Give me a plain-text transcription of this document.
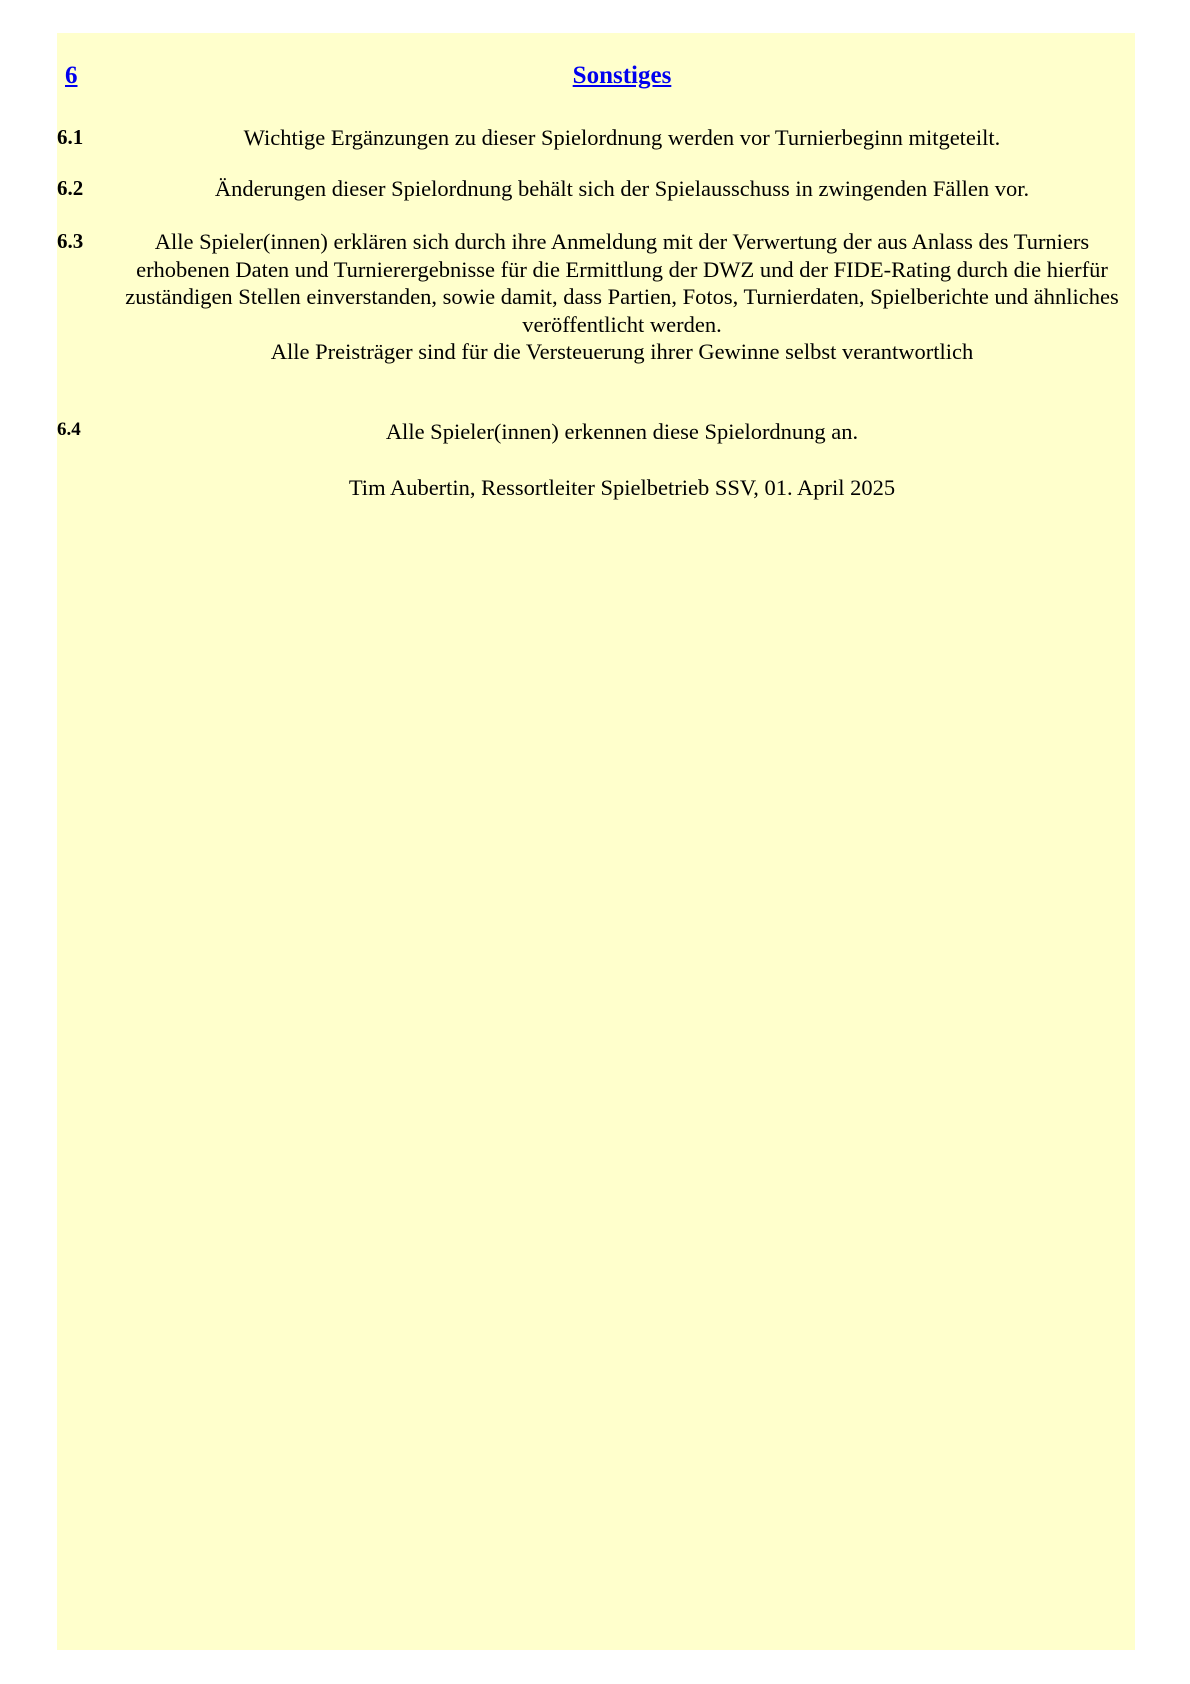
6	Sonstiges
6.1	Wichtige Ergänzungen zu dieser Spielordnung werden vor Turnierbeginn mitgeteilt.

6.2	Änderungen dieser Spielordnung behält sich der Spielausschuss in zwingenden Fällen vor.

6.3	Alle Spieler(innen) erklären sich durch ihre Anmeldung mit der Verwertung der aus Anlass des Turniers erhobenen Daten und Turnierergebnisse für die Ermittlung der DWZ und der FIDE-Rating durch die hierfür zuständigen Stellen einverstanden, sowie damit, dass Partien, Fotos, Turnierdaten, Spielberichte und ähnliches veröffentlicht werden.

Alle Preisträger sind für die Versteuerung ihrer Gewinne selbst verantwortlich

6.4	Alle Spieler(innen) erkennen diese Spielordnung an.

Tim Aubertin, Ressortleiter Spielbetrieb SSV, 01. April 2025
